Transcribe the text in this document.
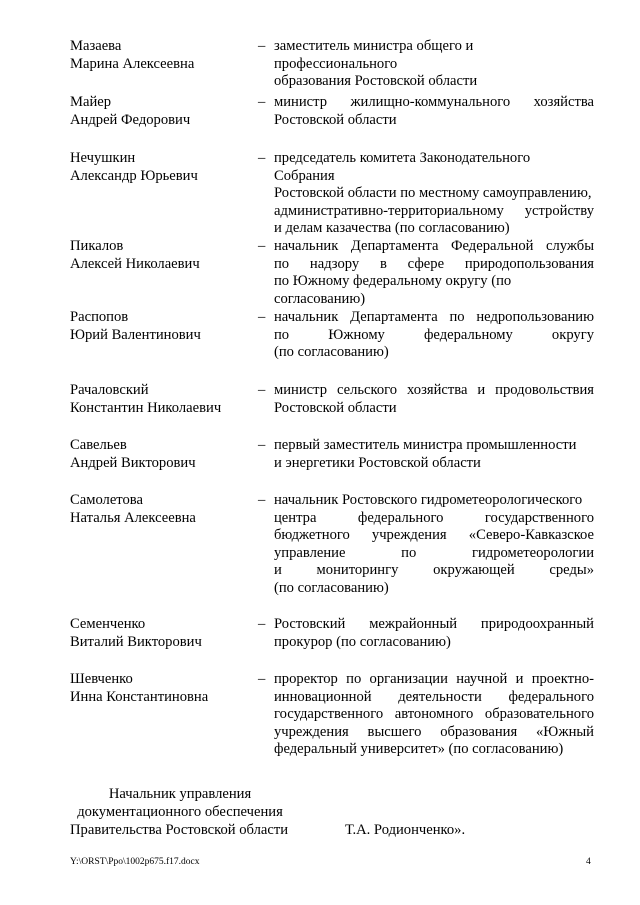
Мазаева
Марина Алексеевна
– заместитель министра общего и профессионального
образования Ростовской области
Майер
Андрей Федорович
– министр жилищно-коммунального хозяйства
Ростовской области
Нечушкин
Александр Юрьевич
– председатель комитета Законодательного Собрания
Ростовской области по местному самоуправлению,
административно-территориальному устройству
и делам казачества (по согласованию)
Пикалов
Алексей Николаевич
– начальник Департамента Федеральной службы
по надзору в сфере природопользования
по Южному федеральному округу (по согласованию)
Распопов
Юрий Валентинович
– начальник Департамента по недропользованию
по Южному федеральному округу
(по согласованию)
Рачаловский
Константин Николаевич
– министр сельского хозяйства и продовольствия
Ростовской области
Савельев
Андрей Викторович
– первый заместитель министра промышленности
и энергетики Ростовской области
Самолетова
Наталья Алексеевна
– начальник Ростовского гидрометеорологического
центра федерального государственного
бюджетного учреждения «Северо-Кавказское
управление по гидрометеорологии
и мониторингу окружающей среды»
(по согласованию)
Семенченко
Виталий Викторович
– Ростовский межрайонный природоохранный
прокурор (по согласованию)
Шевченко
Инна Константиновна
– проректор по организации научной и проектно-
инновационной деятельности федерального
государственного автономного образовательного
учреждения высшего образования «Южный
федеральный университет» (по согласованию)
Начальник управления
документационного обеспечения
Правительства Ростовской области	Т.А. Родионченко».
Y:\ORST\Ppo\1002p675.f17.docx	4
